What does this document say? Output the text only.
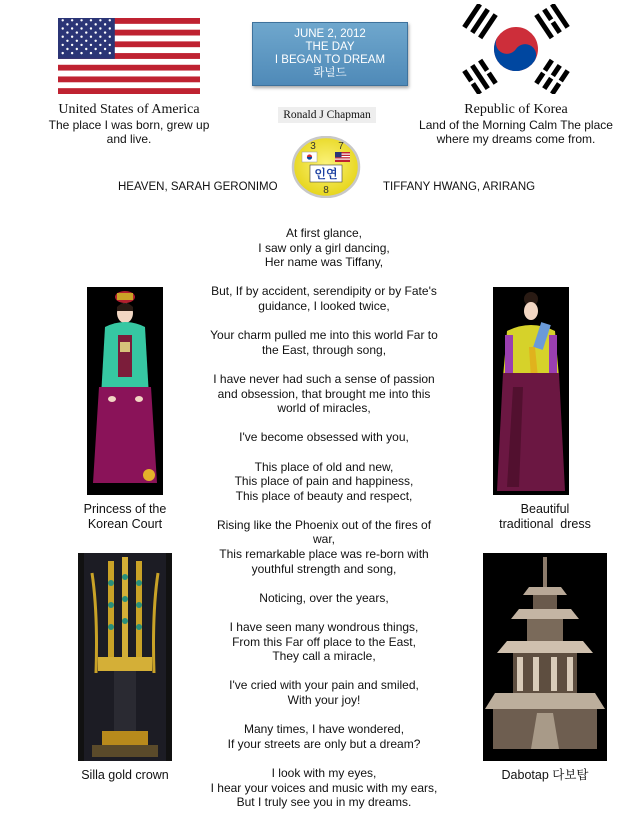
JUNE 2, 2012
THE DAY
I BEGAN TO DREAM
롸널드
United States of America
The place I was born, grew up and live.
Ronald J Chapman	Republic of Korea
Land of the Morning Calm The place where my dreams come from.
3 7
인연
8
HEAVEN, SARAH GERONIMO	TIFFANY HWANG, ARIRANG
At first glance,
I saw only a girl dancing,
Her name was Tiffany,
But, If by accident, serendipity or by Fate's
guidance, I looked twice,
Your charm pulled me into this world Far to
the East, through song,
I have never had such a sense of passion
and obsession, that brought me into this
world of miracles,
I've become obsessed with you,
This place of old and new,
This place of pain and happiness,
This place of beauty and respect,
Rising like the Phoenix out of the fires of
war,
This remarkable place was re-born with
youthful strength and song,
Noticing, over the years,
I have seen many wondrous things,
From this Far off place to the East,
They call a miracle,
I've cried with your pain and smiled,
With your joy!
Many times, I have wondered,
If your streets are only but a dream?
I look with my eyes,
I hear your voices and music with my ears,
But I truly see you in my dreams.
Princess of the
Korean Court
Beautiful
traditional  dress
Silla gold crown	Dabotap 다보탑
